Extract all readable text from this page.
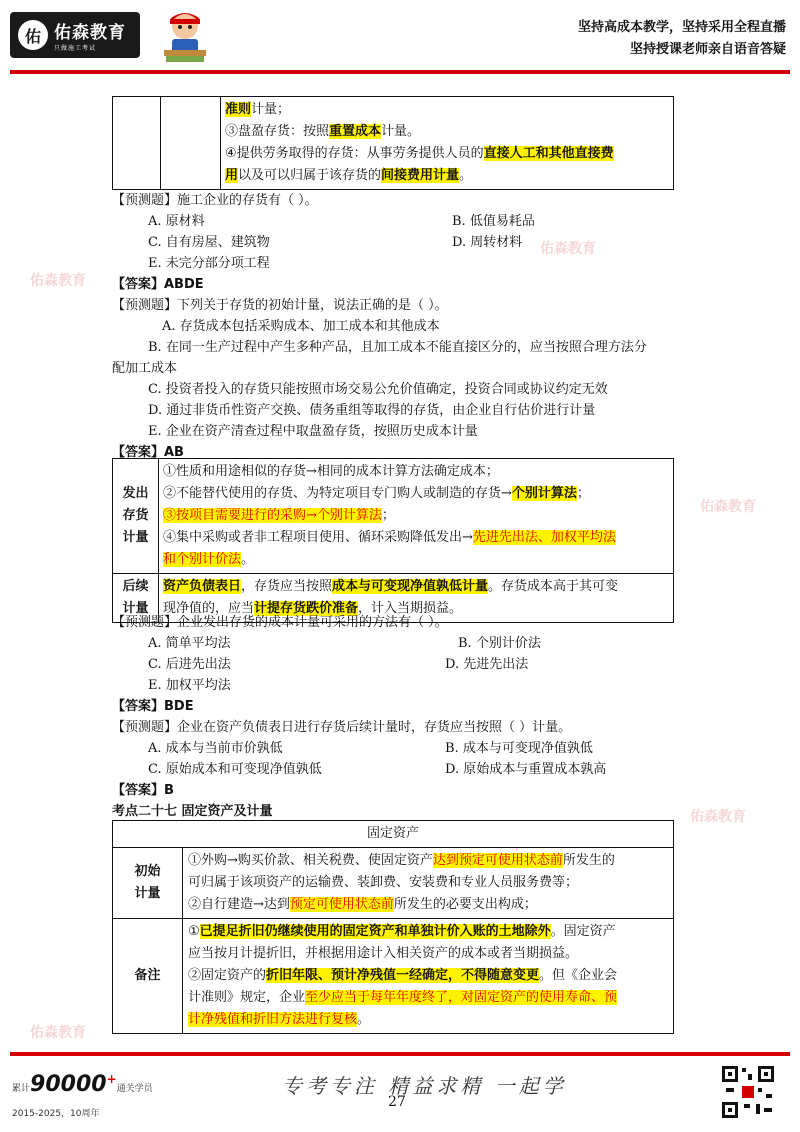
佑 佑森教育
只做施工考试
坚持高成本教学，坚持采用全程直播
坚持授课老师亲自语音答疑
佑森教育
佑森教育
佑森教育
佑森教育
佑森教育

准则计量；
③盘盈存货：按照重置成本计量。
④提供劳务取得的存货：从事劳务提供人员的直接人工和其他直接费
用以及可以归属于该存货的间接费用计量。
【预测题】施工企业的存货有（ ）。
A. 原材料	B. 低值易耗品
C. 自有房屋、建筑物	D. 周转材料
E. 未完分部分项工程
【答案】ABDE
【预测题】下列关于存货的初始计量，说法正确的是（ ）。
A. 存货成本包括采购成本、加工成本和其他成本
B. 在同一生产过程中产生多种产品，且加工成本不能直接区分的，应当按照合理方法分
配加工成本
C. 投资者投入的存货只能按照市场交易公允价值确定，投资合同或协议约定无效
D. 通过非货币性资产交换、债务重组等取得的存货，由企业自行估价进行计量
E. 企业在资产清查过程中取盘盈存货，按照历史成本计量
【答案】AB
发出存货计量	①性质和用途相似的存货→相同的成本计算方法确定成本；
②不能替代使用的存货、为特定项目专门购人或制造的存货→个别计算法；
③按项目需要进行的采购→个别计算法；
④集中采购或者非工程项目使用、循环采购降低发出→先进先出法、加权平均法
和个别计价法。

后续计量	资产负债表日，存货应当按照成本与可变现净值孰低计量。存货成本高于其可变
现净值的，应当计提存货跌价准备，计入当期损益。
【预测题】企业发出存货的成本计量可采用的方法有（ ）。
A. 简单平均法	B. 个别计价法
C. 后进先出法	D. 先进先出法
E. 加权平均法
【答案】BDE
【预测题】企业在资产负债表日进行存货后续计量时，存货应当按照（ ）计量。
A. 成本与当前市价孰低	B. 成本与可变现净值孰低
C. 原始成本和可变现净值孰低	D. 原始成本与重置成本孰高
【答案】B
考点二十七 固定资产及计量
固定资产	
初始计量	①外购→购买价款、相关税费、使固定资产达到预定可使用状态前所发生的
可归属于该项资产的运输费、装卸费、安装费和专业人员服务费等；
②自行建造→达到预定可使用状态前所发生的必要支出构成；

备注	①已提足折旧仍继续使用的固定资产和单独计价入账的土地除外。固定资产
应当按月计提折旧，并根据用途计入相关资产的成本或者当期损益。
②固定资产的折旧年限、预计净残值一经确定，不得随意变更。但《企业会
计准则》规定，企业至少应当于每年年度终了，对固定资产的使用寿命、预
计净残值和折旧方法进行复核。
累计90000+通关学员
2015-2025，10周年
专考专注 精益求精 一起学
27
